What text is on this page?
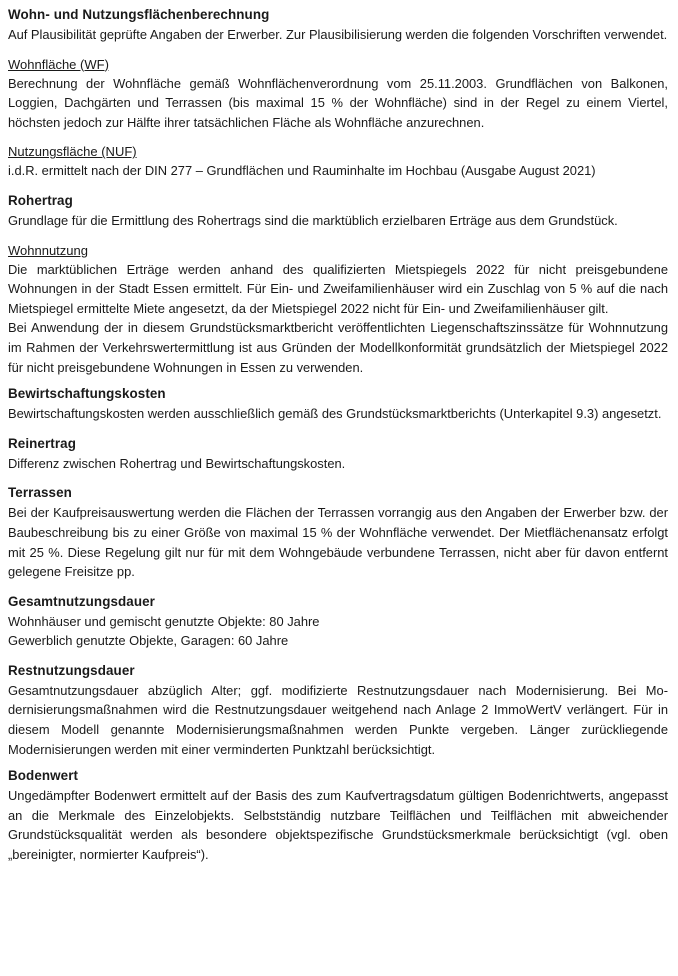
Wohn- und Nutzungsflächenberechnung

Auf Plausibilität geprüfte Angaben der Erwerber. Zur Plausibilisierung werden die folgenden Vorschriften verwendet.

Wohnfläche (WF)

Berechnung der Wohnfläche gemäß Wohnflächenverordnung vom 25.11.2003. Grundflächen von Balkonen, Loggien, Dachgärten und Terrassen (bis maximal 15 % der Wohnfläche) sind in der Regel zu einem Viertel, höchsten jedoch zur Hälfte ihrer tatsächlichen Fläche als Wohnfläche anzurechnen.

Nutzungsfläche (NUF)

i.d.R. ermittelt nach der DIN 277 – Grundflächen und Rauminhalte im Hochbau (Ausgabe August 2021)

Rohertrag

Grundlage für die Ermittlung des Rohertrags sind die marktüblich erzielbaren Erträge aus dem Grundstück.

Wohnnutzung

Die marktüblichen Erträge werden anhand des qualifizierten Mietspiegels 2022 für nicht preisgebundene Wohnungen in der Stadt Essen ermittelt. Für Ein- und Zweifamilienhäuser wird ein Zuschlag von 5 % auf die nach Mietspiegel ermittelte Miete angesetzt, da der Mietspiegel 2022 nicht für Ein- und Zweifamilienhäuser gilt.

Bei Anwendung der in diesem Grundstücksmarktbericht veröffentlichten Liegenschaftszinssätze für Wohnnutzung im Rahmen der Verkehrswertermittlung ist aus Gründen der Modellkonformität grundsätzlich der Mietspiegel 2022 für nicht preisgebundene Wohnungen in Essen zu verwenden.

Bewirtschaftungskosten

Bewirtschaftungskosten werden ausschließlich gemäß des Grundstücksmarktberichts (Unterkapitel 9.3) angesetzt.

Reinertrag

Differenz zwischen Rohertrag und Bewirtschaftungskosten.

Terrassen

Bei der Kaufpreisauswertung werden die Flächen der Terrassen vorrangig aus den Angaben der Erwerber bzw. der Baubeschreibung bis zu einer Größe von maximal 15 % der Wohnfläche verwendet. Der Mietflächenansatz erfolgt mit 25 %. Diese Regelung gilt nur für mit dem Wohngebäude verbundene Terrassen, nicht aber für davon entfernt gelegene Freisitze pp.

Gesamtnutzungsdauer

Wohnhäuser und gemischt genutzte Objekte: 80 Jahre

Gewerblich genutzte Objekte, Garagen: 60 Jahre

Restnutzungsdauer

Gesamtnutzungsdauer abzüglich Alter; ggf. modifizierte Restnutzungsdauer nach Modernisierung. Bei Modernisierungsmaßnahmen wird die Restnutzungsdauer weitgehend nach Anlage 2 ImmoWertV verlängert. Für in diesem Modell genannte Modernisierungsmaßnahmen werden Punkte vergeben. Länger zurückliegende Modernisierungen werden mit einer verminderten Punktzahl berücksichtigt.

Bodenwert

Ungedämpfter Bodenwert ermittelt auf der Basis des zum Kaufvertragsdatum gültigen Bodenrichtwerts, angepasst an die Merkmale des Einzelobjekts. Selbstständig nutzbare Teilflächen und Teilflächen mit abweichender Grundstücksqualität werden als besondere objektspezifische Grundstücksmerkmale berücksichtigt (vgl. oben „bereinigter, normierter Kaufpreis“).
